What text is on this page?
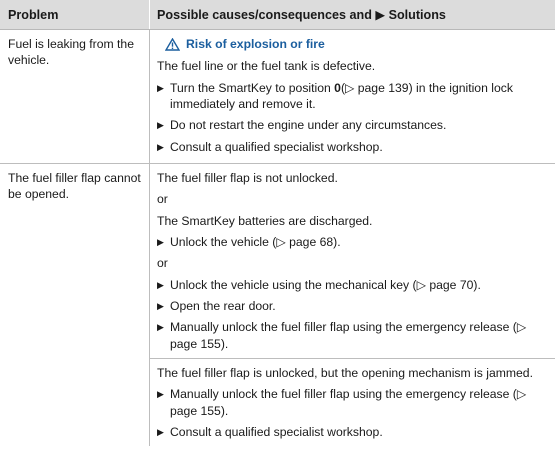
Problem	Possible causes/consequences and ▶ Solutions
Fuel is leaking from the vehicle.
Risk of explosion or fire
The fuel line or the fuel tank is defective.
▶ Turn the SmartKey to position 0(▷ page 139) in the ignition lock immediately and remove it.
▶ Do not restart the engine under any circumstances.
▶ Consult a qualified specialist workshop.
The fuel filler flap cannot be opened.
The fuel filler flap is not unlocked.
or
The SmartKey batteries are discharged.
▶ Unlock the vehicle (▷ page 68).
or
▶ Unlock the vehicle using the mechanical key (▷ page 70).
▶ Open the rear door.
▶ Manually unlock the fuel filler flap using the emergency release (▷ page 155).
The fuel filler flap is unlocked, but the opening mechanism is jammed.
▶ Manually unlock the fuel filler flap using the emergency release (▷ page 155).
▶ Consult a qualified specialist workshop.
